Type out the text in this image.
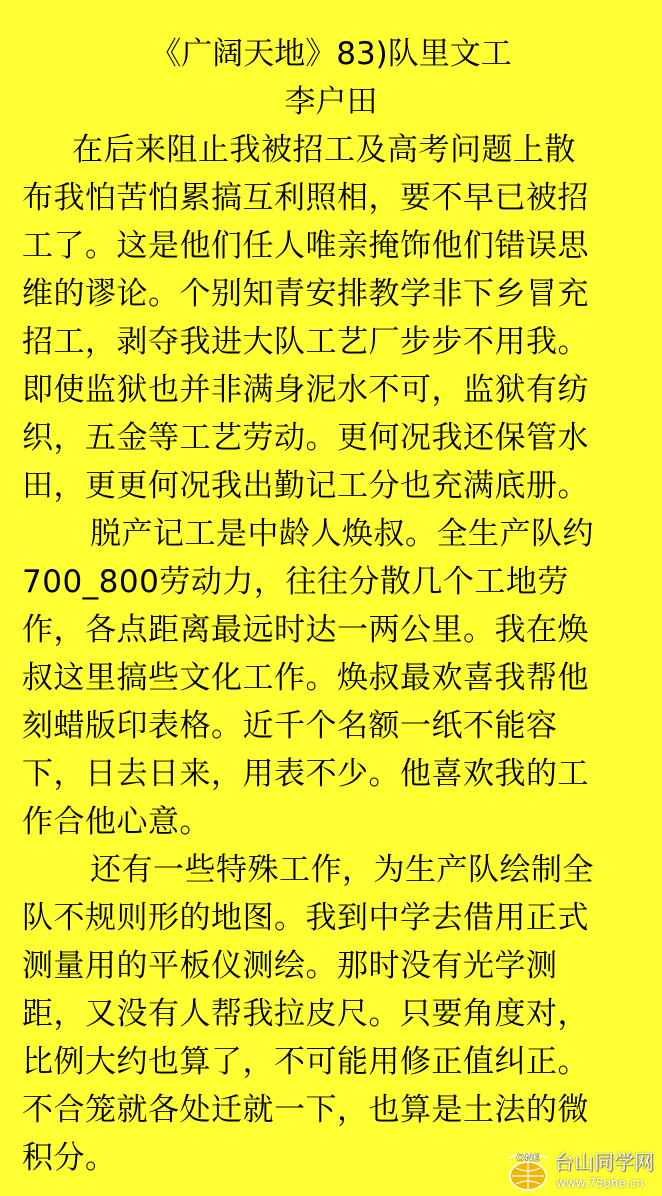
《广阔天地》83)队里文工
李户田
在后来阻止我被招工及高考问题上散
布我怕苦怕累搞互利照相，要不早已被招
工了。这是他们任人唯亲掩饰他们错误思
维的谬论。个别知青安排教学非下乡冒充
招工，剥夺我进大队工艺厂步步不用我。
即使监狱也并非满身泥水不可，监狱有纺
织，五金等工艺劳动。更何况我还保管水
田，更更何况我出勤记工分也充满底册。
脱产记工是中龄人焕叔。全生产队约
700_800劳动力，往往分散几个工地劳
作，各点距离最远时达一两公里。我在焕
叔这里搞些文化工作。焕叔最欢喜我帮他
刻蜡版印表格。近千个名额一纸不能容
下，日去日来，用表不少。他喜欢我的工
作合他心意。
还有一些特殊工作，为生产队绘制全
队不规则形的地图。我到中学去借用正式
测量用的平板仪测绘。那时没有光学测
距，又没有人帮我拉皮尺。只要角度对，
比例大约也算了，不可能用修正值纠正。
不合笼就各处迁就一下，也算是土法的微
积分。	ONE 台山同学网
www.75one.cn
